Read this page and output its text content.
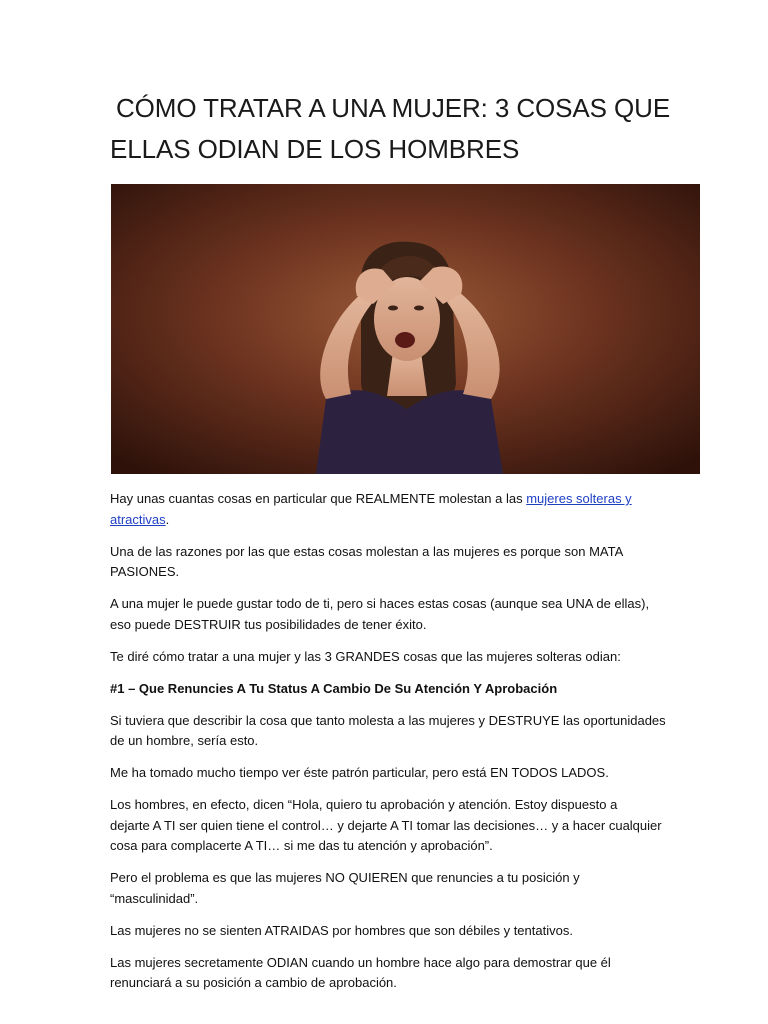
CÓMO TRATAR A UNA MUJER: 3 COSAS QUE
ELLAS ODIAN DE LOS HOMBRES

Hay unas cuantas cosas en particular que REALMENTE molestan a las mujeres solteras y
atractivas.

Una de las razones por las que estas cosas molestan a las mujeres es porque son MATA
PASIONES.

A una mujer le puede gustar todo de ti, pero si haces estas cosas (aunque sea UNA de ellas),
eso puede DESTRUIR tus posibilidades de tener éxito.

Te diré cómo tratar a una mujer y las 3 GRANDES cosas que las mujeres solteras odian:

#1 – Que Renuncies A Tu Status A Cambio De Su Atención Y Aprobación

Si tuviera que describir la cosa que tanto molesta a las mujeres y DESTRUYE las oportunidades
de un hombre, sería esto.

Me ha tomado mucho tiempo ver éste patrón particular, pero está EN TODOS LADOS.

Los hombres, en efecto, dicen “Hola, quiero tu aprobación y atención. Estoy dispuesto a
dejarte A TI ser quien tiene el control… y dejarte A TI tomar las decisiones… y a hacer cualquier
cosa para complacerte A TI… si me das tu atención y aprobación”.

Pero el problema es que las mujeres NO QUIEREN que renuncies a tu posición y
“masculinidad”.

Las mujeres no se sienten ATRAIDAS por hombres que son débiles y tentativos.

Las mujeres secretamente ODIAN cuando un hombre hace algo para demostrar que él
renunciará a su posición a cambio de aprobación.
